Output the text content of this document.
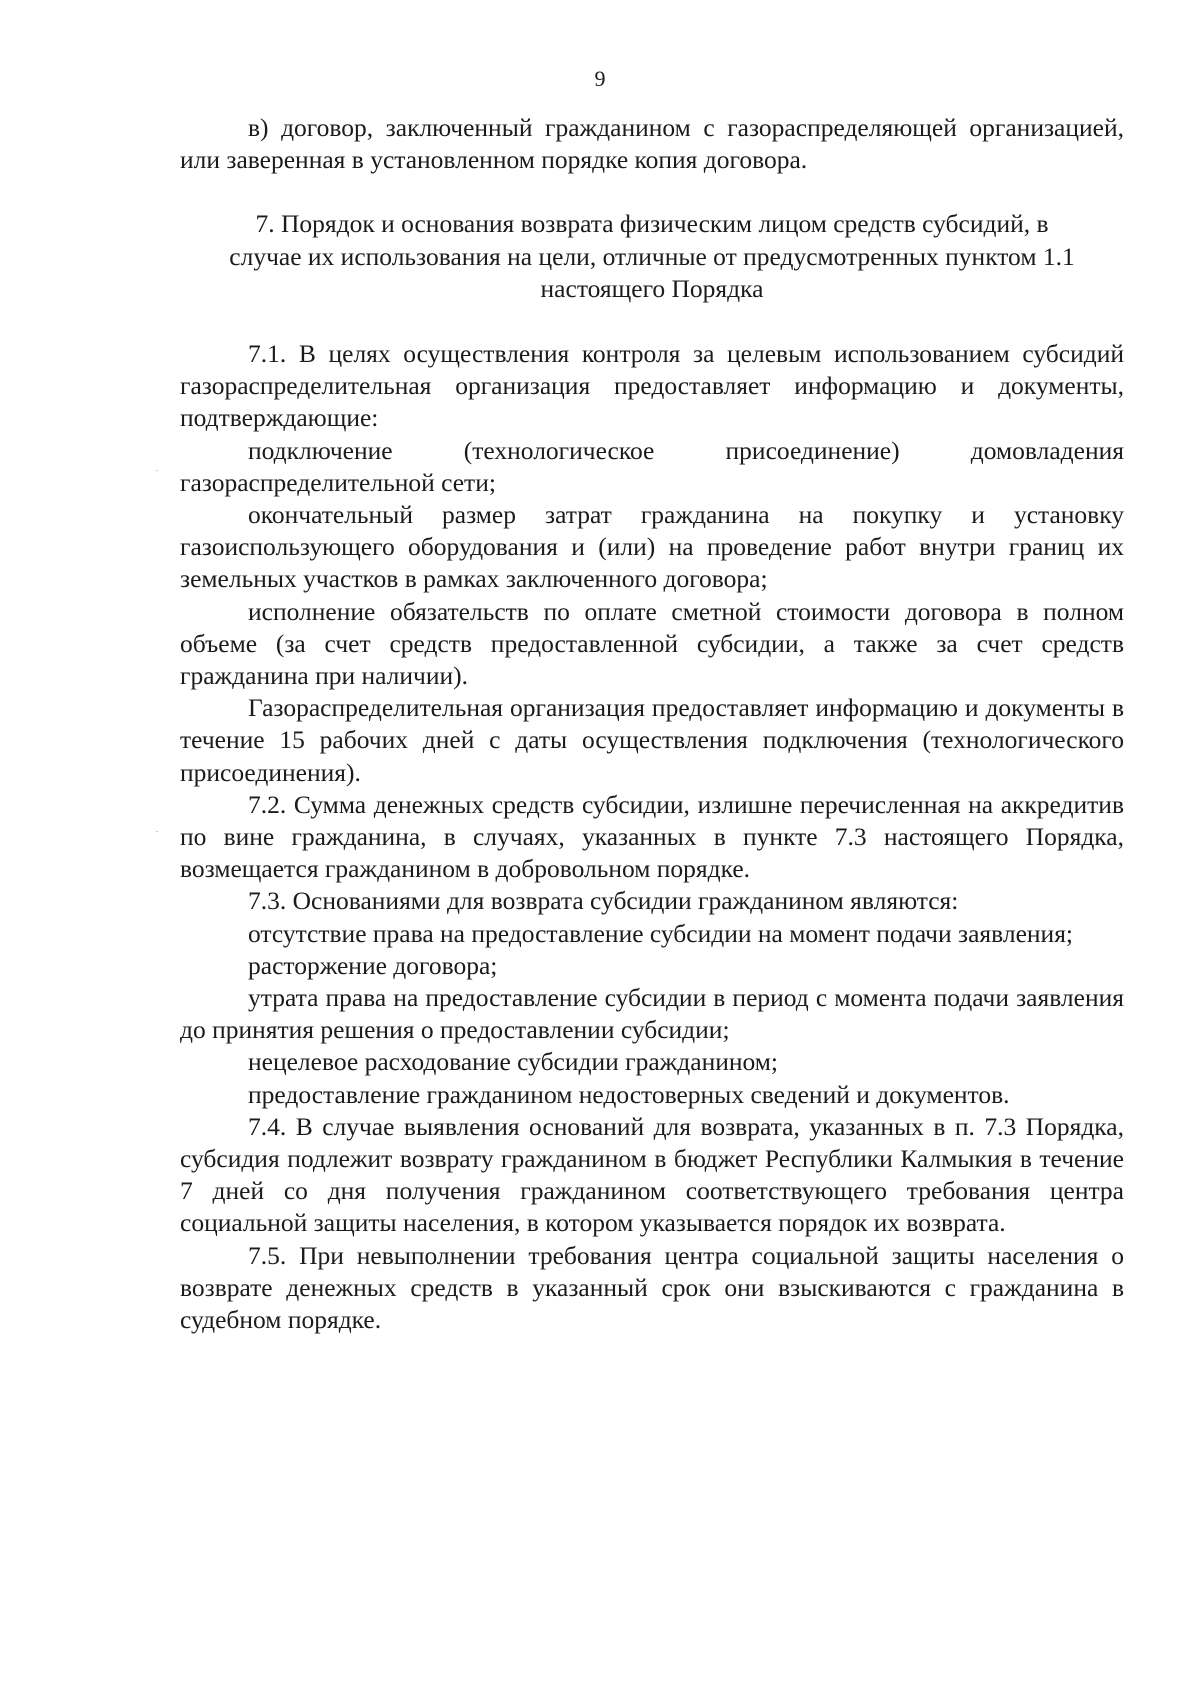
9

в) договор, заключенный гражданином с газораспределяющей организацией, или заверенная в установленном порядке копия договора.

7. Порядок и основания возврата физическим лицом средств субсидий, в
случае их использования на цели, отличные от предусмотренных пунктом 1.1
настоящего Порядка

7.1. В целях осуществления контроля за целевым использованием субсидий газораспределительная организация предоставляет информацию и документы, подтверждающие:

подключение (технологическое присоединение) домовладения газораспределительной сети;

окончательный размер затрат гражданина на покупку и установку газоиспользующего оборудования и (или) на проведение работ внутри границ их земельных участков в рамках заключенного договора;

исполнение обязательств по оплате сметной стоимости договора в полном объеме (за счет средств предоставленной субсидии, а также за счет средств гражданина при наличии).

Газораспределительная организация предоставляет информацию и документы в течение 15 рабочих дней с даты осуществления подключения (технологического присоединения).

7.2. Сумма денежных средств субсидии, излишне перечисленная на аккредитив по вине гражданина, в случаях, указанных в пункте 7.3 настоящего Порядка, возмещается гражданином в добровольном порядке.

7.3. Основаниями для возврата субсидии гражданином являются:

отсутствие права на предоставление субсидии на момент подачи заявления;

расторжение договора;

утрата права на предоставление субсидии в период с момента подачи заявления до принятия решения о предоставлении субсидии;

нецелевое расходование субсидии гражданином;

предоставление гражданином недостоверных сведений и документов.

7.4. В случае выявления оснований для возврата, указанных в п. 7.3 Порядка, субсидия подлежит возврату гражданином в бюджет Республики Калмыкия в течение 7 дней со дня получения гражданином соответствующего требования центра социальной защиты населения, в котором указывается порядок их возврата.

7.5. При невыполнении требования центра социальной защиты населения о возврате денежных средств в указанный срок они взыскиваются с гражданина в судебном порядке.
